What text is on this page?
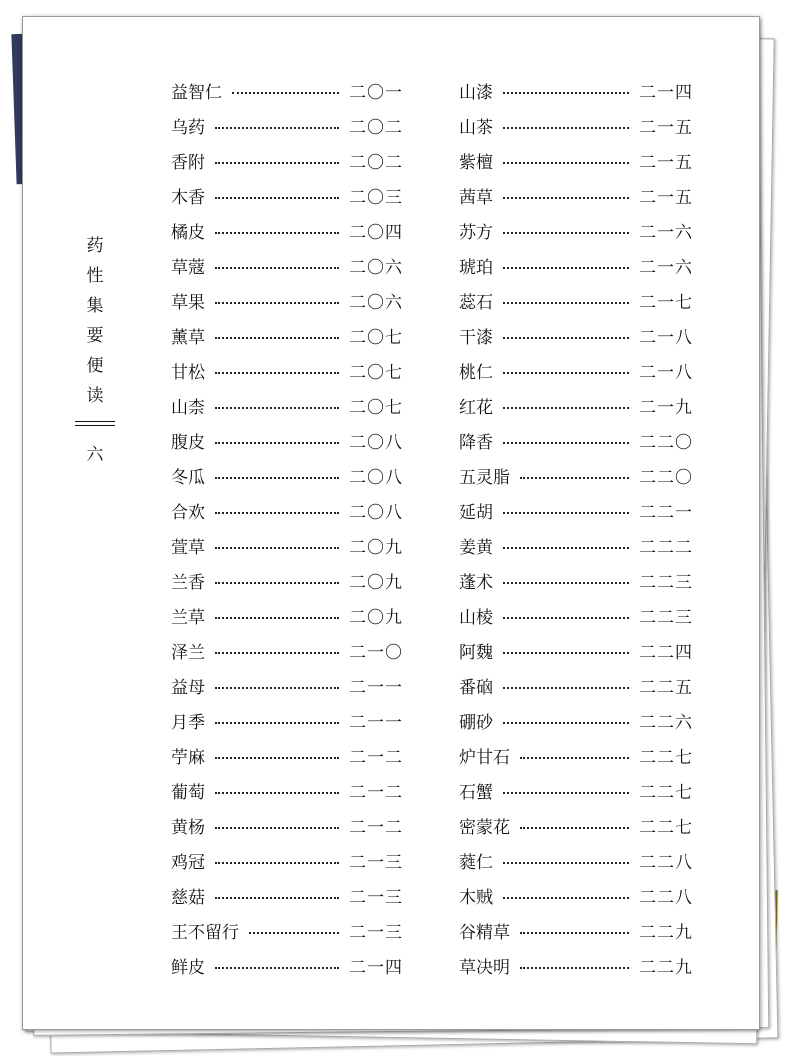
药
性
集
要
便
读
六
益智仁	二〇一
乌药	二〇二
香附	二〇二
木香	二〇三
橘皮	二〇四
草蔻	二〇六
草果	二〇六
薰草	二〇七
甘松	二〇七
山柰	二〇七
腹皮	二〇八
冬瓜	二〇八
合欢	二〇八
萱草	二〇九
兰香	二〇九
兰草	二〇九
泽兰	二一〇
益母	二一一
月季	二一一
苧麻	二一二
葡萄	二一二
黄杨	二一二
鸡冠	二一三
慈菇	二一三
王不留行	二一三
鲜皮	二一四
山漆	二一四
山茶	二一五
紫檀	二一五
茜草	二一五
苏方	二一六
琥珀	二一六
蕊石	二一七
干漆	二一八
桃仁	二一八
红花	二一九
降香	二二〇
五灵脂	二二〇
延胡	二二一
姜黄	二二二
蓬术	二二三
山棱	二二三
阿魏	二二四
番硇	二二五
硼砂	二二六
炉甘石	二二七
石蟹	二二七
密蒙花	二二七
蕤仁	二二八
木贼	二二八
谷精草	二二九
草决明	二二九
